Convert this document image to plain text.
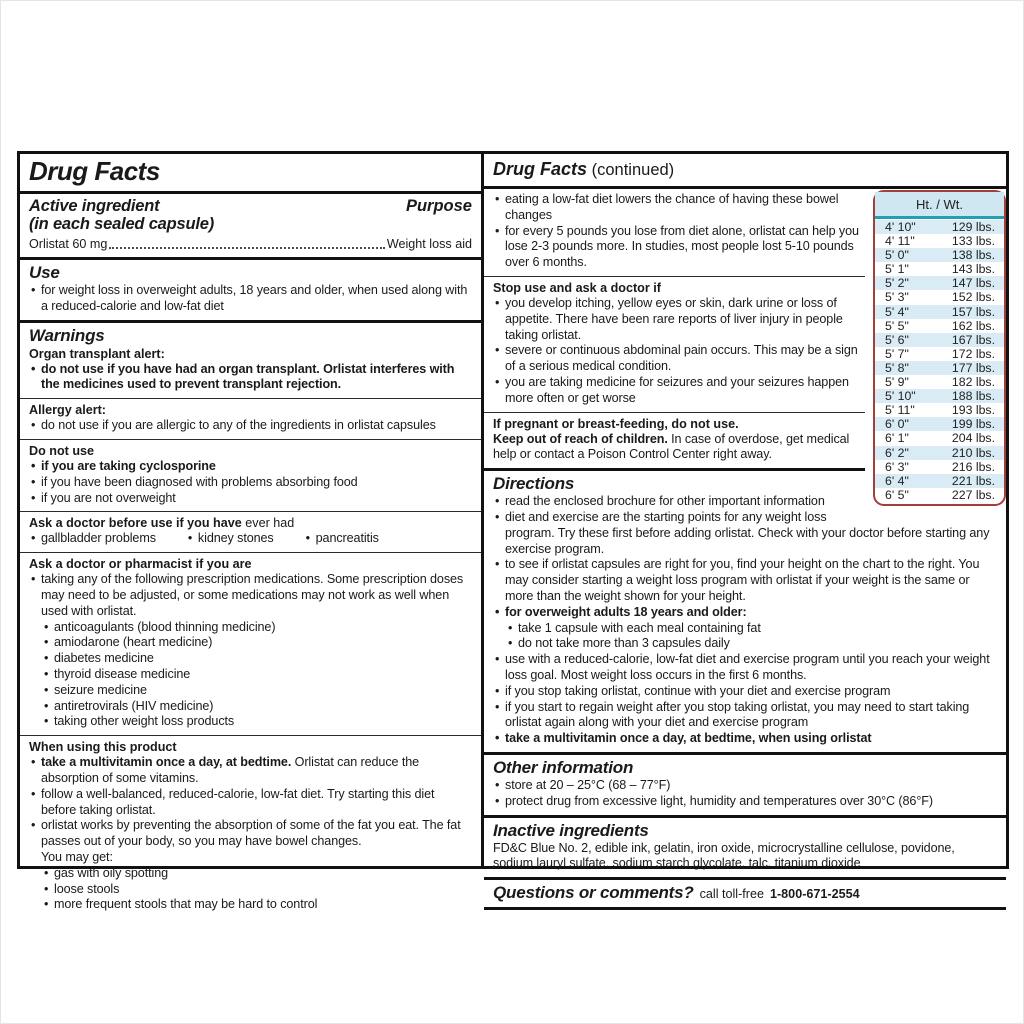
Drug Facts
Active ingredient
(in each sealed capsule)
Purpose
Orlistat 60 mg	Weight loss aid
Use
• for weight loss in overweight adults, 18 years and older, when used along with a reduced-calorie and low-fat diet
Warnings
Organ transplant alert:
• do not use if you have had an organ transplant. Orlistat interferes with the medicines used to prevent transplant rejection.
Allergy alert:
• do not use if you are allergic to any of the ingredients in orlistat capsules
Do not use
• if you are taking cyclosporine
• if you have been diagnosed with problems absorbing food
• if you are not overweight
Ask a doctor before use if you have ever had
• gallbladder problems	• kidney stones	• pancreatitis
Ask a doctor or pharmacist if you are
• taking any of the following prescription medications. Some prescription doses may need to be adjusted, or some medications may not work as well when used with orlistat.
• anticoagulants (blood thinning medicine)
• amiodarone (heart medicine)
• diabetes medicine
• thyroid disease medicine
• seizure medicine
• antiretrovirals (HIV medicine)
• taking other weight loss products
When using this product
• take a multivitamin once a day, at bedtime. Orlistat can reduce the absorption of some vitamins.
• follow a well-balanced, reduced-calorie, low-fat diet. Try starting this diet before taking orlistat.
• orlistat works by preventing the absorption of some of the fat you eat. The fat passes out of your body, so you may have bowel changes.
You may get:
• gas with oily spotting
• loose stools
• more frequent stools that may be hard to control
Drug Facts (continued)
Ht. / Wt.
4' 10"	129 lbs.
4' 11"	133 lbs.
5' 0"	138 lbs.
5' 1"	143 lbs.
5' 2"	147 lbs.
5' 3"	152 lbs.
5' 4"	157 lbs.
5' 5"	162 lbs.
5' 6"	167 lbs.
5' 7"	172 lbs.
5' 8"	177 lbs.
5' 9"	182 lbs.
5' 10"	188 lbs.
5' 11"	193 lbs.
6' 0"	199 lbs.
6' 1"	204 lbs.
6' 2"	210 lbs.
6' 3"	216 lbs.
6' 4"	221 lbs.
6' 5"	227 lbs.
• eating a low-fat diet lowers the chance of having these bowel changes
• for every 5 pounds you lose from diet alone, orlistat can help you lose 2-3 pounds more. In studies, most people lost 5-10 pounds over 6 months.
Stop use and ask a doctor if
• you develop itching, yellow eyes or skin, dark urine or loss of appetite. There have been rare reports of liver injury in people taking orlistat.
• severe or continuous abdominal pain occurs. This may be a sign of a serious medical condition.
• you are taking medicine for seizures and your seizures happen more often or get worse
If pregnant or breast-feeding, do not use.
Keep out of reach of children. In case of overdose, get medical help or contact a Poison Control Center right away.
Directions
• read the enclosed brochure for other important information
• diet and exercise are the starting points for any weight loss program. Try these first before adding orlistat. Check with your doctor before starting any exercise program.
• to see if orlistat capsules are right for you, find your height on the chart to the right. You may consider starting a weight loss program with orlistat if your weight is the same or more than the weight shown for your height.
• for overweight adults 18 years and older:
• take 1 capsule with each meal containing fat
• do not take more than 3 capsules daily
• use with a reduced-calorie, low-fat diet and exercise program until you reach your weight loss goal. Most weight loss occurs in the first 6 months.
• if you stop taking orlistat, continue with your diet and exercise program
• if you start to regain weight after you stop taking orlistat, you may need to start taking orlistat again along with your diet and exercise program
• take a multivitamin once a day, at bedtime, when using orlistat
Other information
• store at 20 – 25°C (68 – 77°F)
• protect drug from excessive light, humidity and temperatures over 30°C (86°F)
Inactive ingredients
FD&C Blue No. 2, edible ink, gelatin, iron oxide, microcrystalline cellulose, povidone, sodium lauryl sulfate, sodium starch glycolate, talc, titanium dioxide
Questions or comments? call toll-free 1-800-671-2554
